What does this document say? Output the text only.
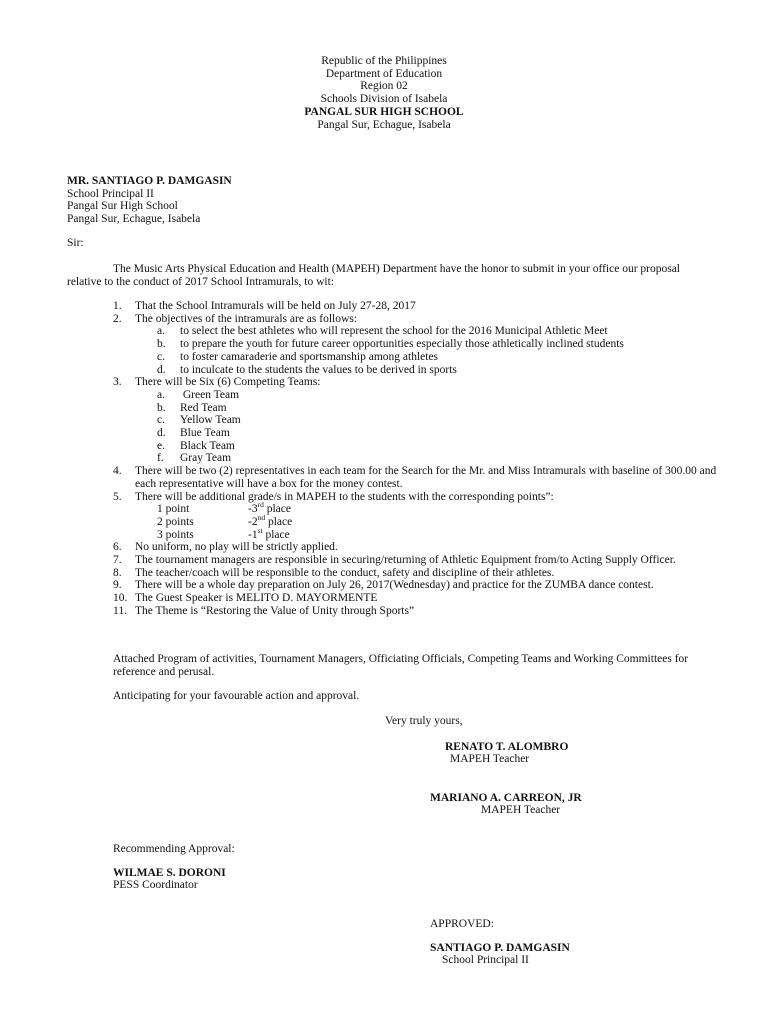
Republic of the Philippines
Department of Education
Region 02
Schools Division of Isabela
PANGAL SUR HIGH SCHOOL
Pangal Sur, Echague, Isabela
MR. SANTIAGO P. DAMGASIN
School Principal II
Pangal Sur High School
Pangal Sur, Echague, Isabela
Sir:
The Music Arts Physical Education and Health (MAPEH) Department have the honor to submit in your office our proposal relative to the conduct of 2017 School Intramurals, to wit:
1. That the School Intramurals will be held on July 27-28, 2017
2. The objectives of the intramurals are as follows:
a. to select the best athletes who will represent the school for the 2016 Municipal Athletic Meet
b. to prepare the youth for future career opportunities especially those athletically inclined students
c. to foster camaraderie and sportsmanship among athletes
d. to inculcate to the students the values to be derived in sports
3. There will be Six (6) Competing Teams:
a. Green Team
b. Red Team
c. Yellow Team
d. Blue Team
e. Black Team
f. Gray Team
4. There will be two (2) representatives in each team for the Search for the Mr. and Miss Intramurals with baseline of 300.00 and each representative will have a box for the money contest.
5. There will be additional grade/s in MAPEH to the students with the corresponding points”:
1 point	-3rd place
2 points	-2nd place
3 points	-1st place
6. No uniform, no play will be strictly applied.
7. The tournament managers are responsible in securing/returning of Athletic Equipment from/to Acting Supply Officer.
8. The teacher/coach will be responsible to the conduct, safety and discipline of their athletes.
9. There will be a whole day preparation on July 26, 2017(Wednesday) and practice for the ZUMBA dance contest.
10. The Guest Speaker is MELITO D. MAYORMENTE
11. The Theme is “Restoring the Value of Unity through Sports”
Attached Program of activities, Tournament Managers, Officiating Officials, Competing Teams and Working Committees for reference and perusal.
Anticipating for your favourable action and approval.
Very truly yours,
RENATO T. ALOMBRO
MAPEH Teacher
MARIANO A. CARREON, JR
MAPEH Teacher
Recommending Approval:
WILMAE S. DORONI
PESS Coordinator
APPROVED:
SANTIAGO P. DAMGASIN
School Principal II
